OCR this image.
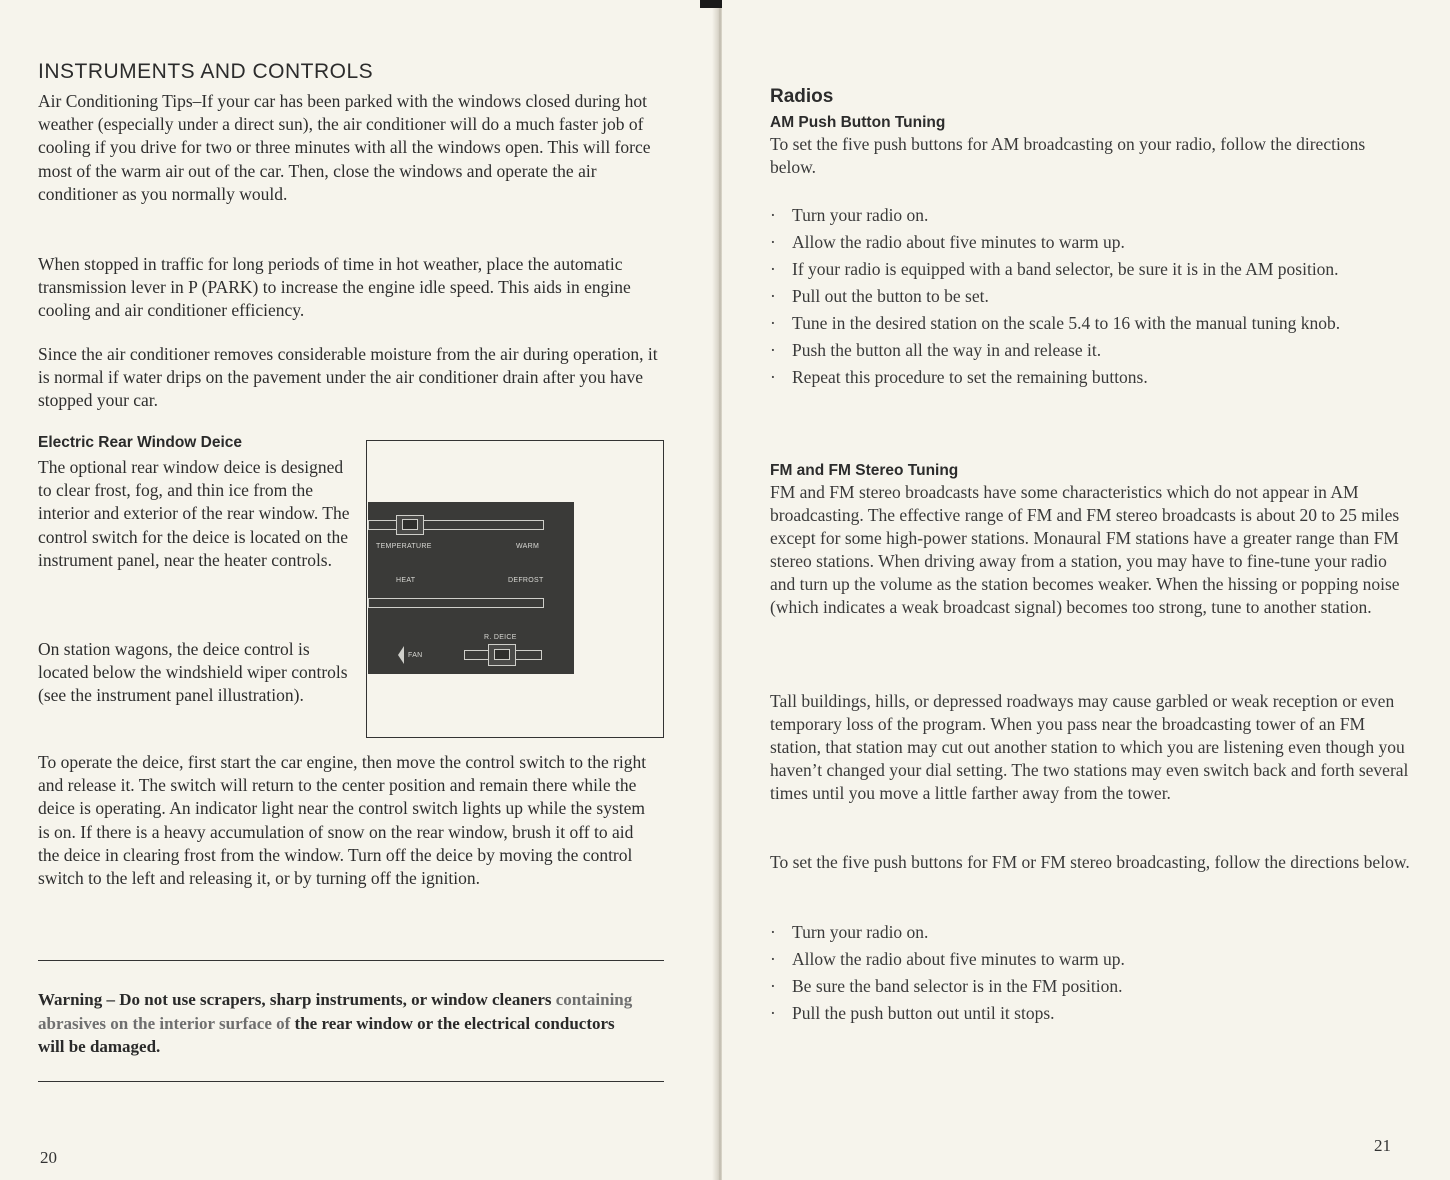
INSTRUMENTS AND CONTROLS

Air Conditioning Tips–If your car has been parked with the windows closed during hot weather (especially under a direct sun), the air conditioner will do a much faster job of cooling if you drive for two or three minutes with all the windows open. This will force most of the warm air out of the car. Then, close the windows and operate the air conditioner as you normally would.

When stopped in traffic for long periods of time in hot weather, place the automatic transmission lever in P (PARK) to increase the engine idle speed. This aids in engine cooling and air conditioner efficiency.

Since the air conditioner removes considerable moisture from the air during operation, it is normal if water drips on the pavement under the air conditioner drain after you have stopped your car.

Electric Rear Window Deice

The optional rear window deice is designed to clear frost, fog, and thin ice from the interior and exterior of the rear window. The control switch for the deice is located on the instrument panel, near the heater controls.

On station wagons, the deice control is located below the windshield wiper controls (see the instrument panel illustration).

TEMPERATURE	WARM
HEAT	DEFROST
R. DEICE
FAN

To operate the deice, first start the car engine, then move the control switch to the right and release it. The switch will return to the center position and remain there while the deice is operating. An indicator light near the control switch lights up while the system is on. If there is a heavy accumulation of snow on the rear window, brush it off to aid the deice in clearing frost from the window. Turn off the deice by moving the control switch to the left and releasing it, or by turning off the ignition.

Warning – Do not use scrapers, sharp instruments, or window cleaners containing abrasives on the interior surface of the rear window or the electrical conductors will be damaged.

20

Radios
AM Push Button Tuning

To set the five push buttons for AM broadcasting on your radio, follow the directions below.

· Turn your radio on.
· Allow the radio about five minutes to warm up.
· If your radio is equipped with a band selector, be sure it is in the AM position.
· Pull out the button to be set.
· Tune in the desired station on the scale 5.4 to 16 with the manual tuning knob.
· Push the button all the way in and release it.
· Repeat this procedure to set the remaining buttons.
FM and FM Stereo Tuning

FM and FM stereo broadcasts have some characteristics which do not appear in AM broadcasting. The effective range of FM and FM stereo broadcasts is about 20 to 25 miles except for some high-power stations. Monaural FM stations have a greater range than FM stereo stations. When driving away from a station, you may have to fine-tune your radio and turn up the volume as the station becomes weaker. When the hissing or popping noise (which indicates a weak broadcast signal) becomes too strong, tune to another station.

Tall buildings, hills, or depressed roadways may cause garbled or weak reception or even temporary loss of the program. When you pass near the broadcasting tower of an FM station, that station may cut out another station to which you are listening even though you haven’t changed your dial setting. The two stations may even switch back and forth several times until you move a little farther away from the tower.

To set the five push buttons for FM or FM stereo broadcasting, follow the directions below.

· Turn your radio on.
· Allow the radio about five minutes to warm up.
· Be sure the band selector is in the FM position.
· Pull the push button out until it stops.

21
